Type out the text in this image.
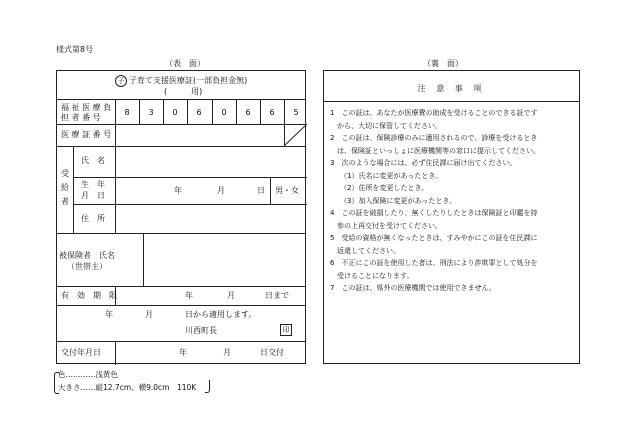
様式第8号
（表　面）	（裏　面）
子 子育て支援医療証(一部負担金無)
(　　　用)
福 祉 医 療 負
担 者 番 号
8	3	0	6	0	6	6	5
医 療 証 番 号
受
給
者
氏　名
生　年
月　日
年	月	日 男・女
住　所
被保険者　氏名
（世帯主）
有　効　期　限	年	月	日まで
年	月	日から適用します。
川西町長	印
交付年月日	年	月	日交付
注 意 事 項
1　この証は、あなたが医療費の助成を受けることのできる証です
　から、大切に保管してください。
2　この証は、保険診療のみに適用されるので、診療を受けるとき
　は、保険証といっしょに医療機関等の窓口に提示してください。
3　次のような場合には、必ず住民課に届け出てください。
（1）氏名に変更があったとき。
（2）住所を変更したとき。
（3）加入保険に変更があったとき。
4　この証を破損したり、無くしたりしたときは保険証と印鑑を持
　参の上再交付を受けてください。
5　受給の資格が無くなったときは、すみやかにこの証を住民課に
　返還してください。
6　不正にこの証を使用した者は、刑法により詐欺罪として処分を
　受けることになります。
7　この証は、県外の医療機関では使用できません。
色…………浅黄色
大きさ……縦12.7cm、横9.0cm　110K
